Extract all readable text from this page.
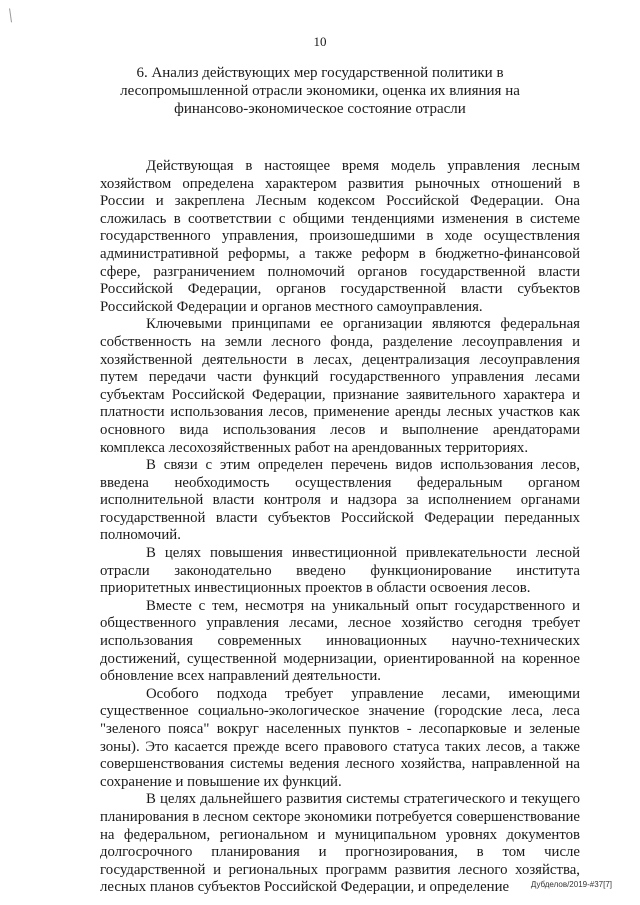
10
6. Анализ действующих мер государственной политики в лесопромышленной отрасли экономики, оценка их влияния на финансово-экономическое состояние отрасли

Действующая в настоящее время модель управления лесным хозяйством определена характером развития рыночных отношений в России и закреплена Лесным кодексом Российской Федерации. Она сложилась в соответствии с общими тенденциями изменения в системе государственного управления, произошедшими в ходе осуществления административной реформы, а также реформ в бюджетно-финансовой сфере, разграничением полномочий органов государственной власти Российской Федерации, органов государственной власти субъектов Российской Федерации и органов местного самоуправления.

Ключевыми принципами ее организации являются федеральная собственность на земли лесного фонда, разделение лесоуправления и хозяйственной деятельности в лесах, децентрализация лесоуправления путем передачи части функций государственного управления лесами субъектам Российской Федерации, признание заявительного характера и платности использования лесов, применение аренды лесных участков как основного вида использования лесов и выполнение арендаторами комплекса лесохозяйственных работ на арендованных территориях.

В связи с этим определен перечень видов использования лесов, введена необходимость осуществления федеральным органом исполнительной власти контроля и надзора за исполнением органами государственной власти субъектов Российской Федерации переданных полномочий.

В целях повышения инвестиционной привлекательности лесной отрасли законодательно введено функционирование института приоритетных инвестиционных проектов в области освоения лесов.

Вместе с тем, несмотря на уникальный опыт государственного и общественного управления лесами, лесное хозяйство сегодня требует использования современных инновационных научно-технических достижений, существенной модернизации, ориентированной на коренное обновление всех направлений деятельности.

Особого подхода требует управление лесами, имеющими существенное социально-экологическое значение (городские леса, леса "зеленого пояса" вокруг населенных пунктов - лесопарковые и зеленые зоны). Это касается прежде всего правового статуса таких лесов, а также совершенствования системы ведения лесного хозяйства, направленной на сохранение и повышение их функций.

В целях дальнейшего развития системы стратегического и текущего планирования в лесном секторе экономики потребуется совершенствование на федеральном, региональном и муниципальном уровнях документов долгосрочного планирования и прогнозирования, в том числе государственной и региональных программ развития лесного хозяйства, лесных планов субъектов Российской Федерации, и определение	Дубделов/2019-#37[7]
